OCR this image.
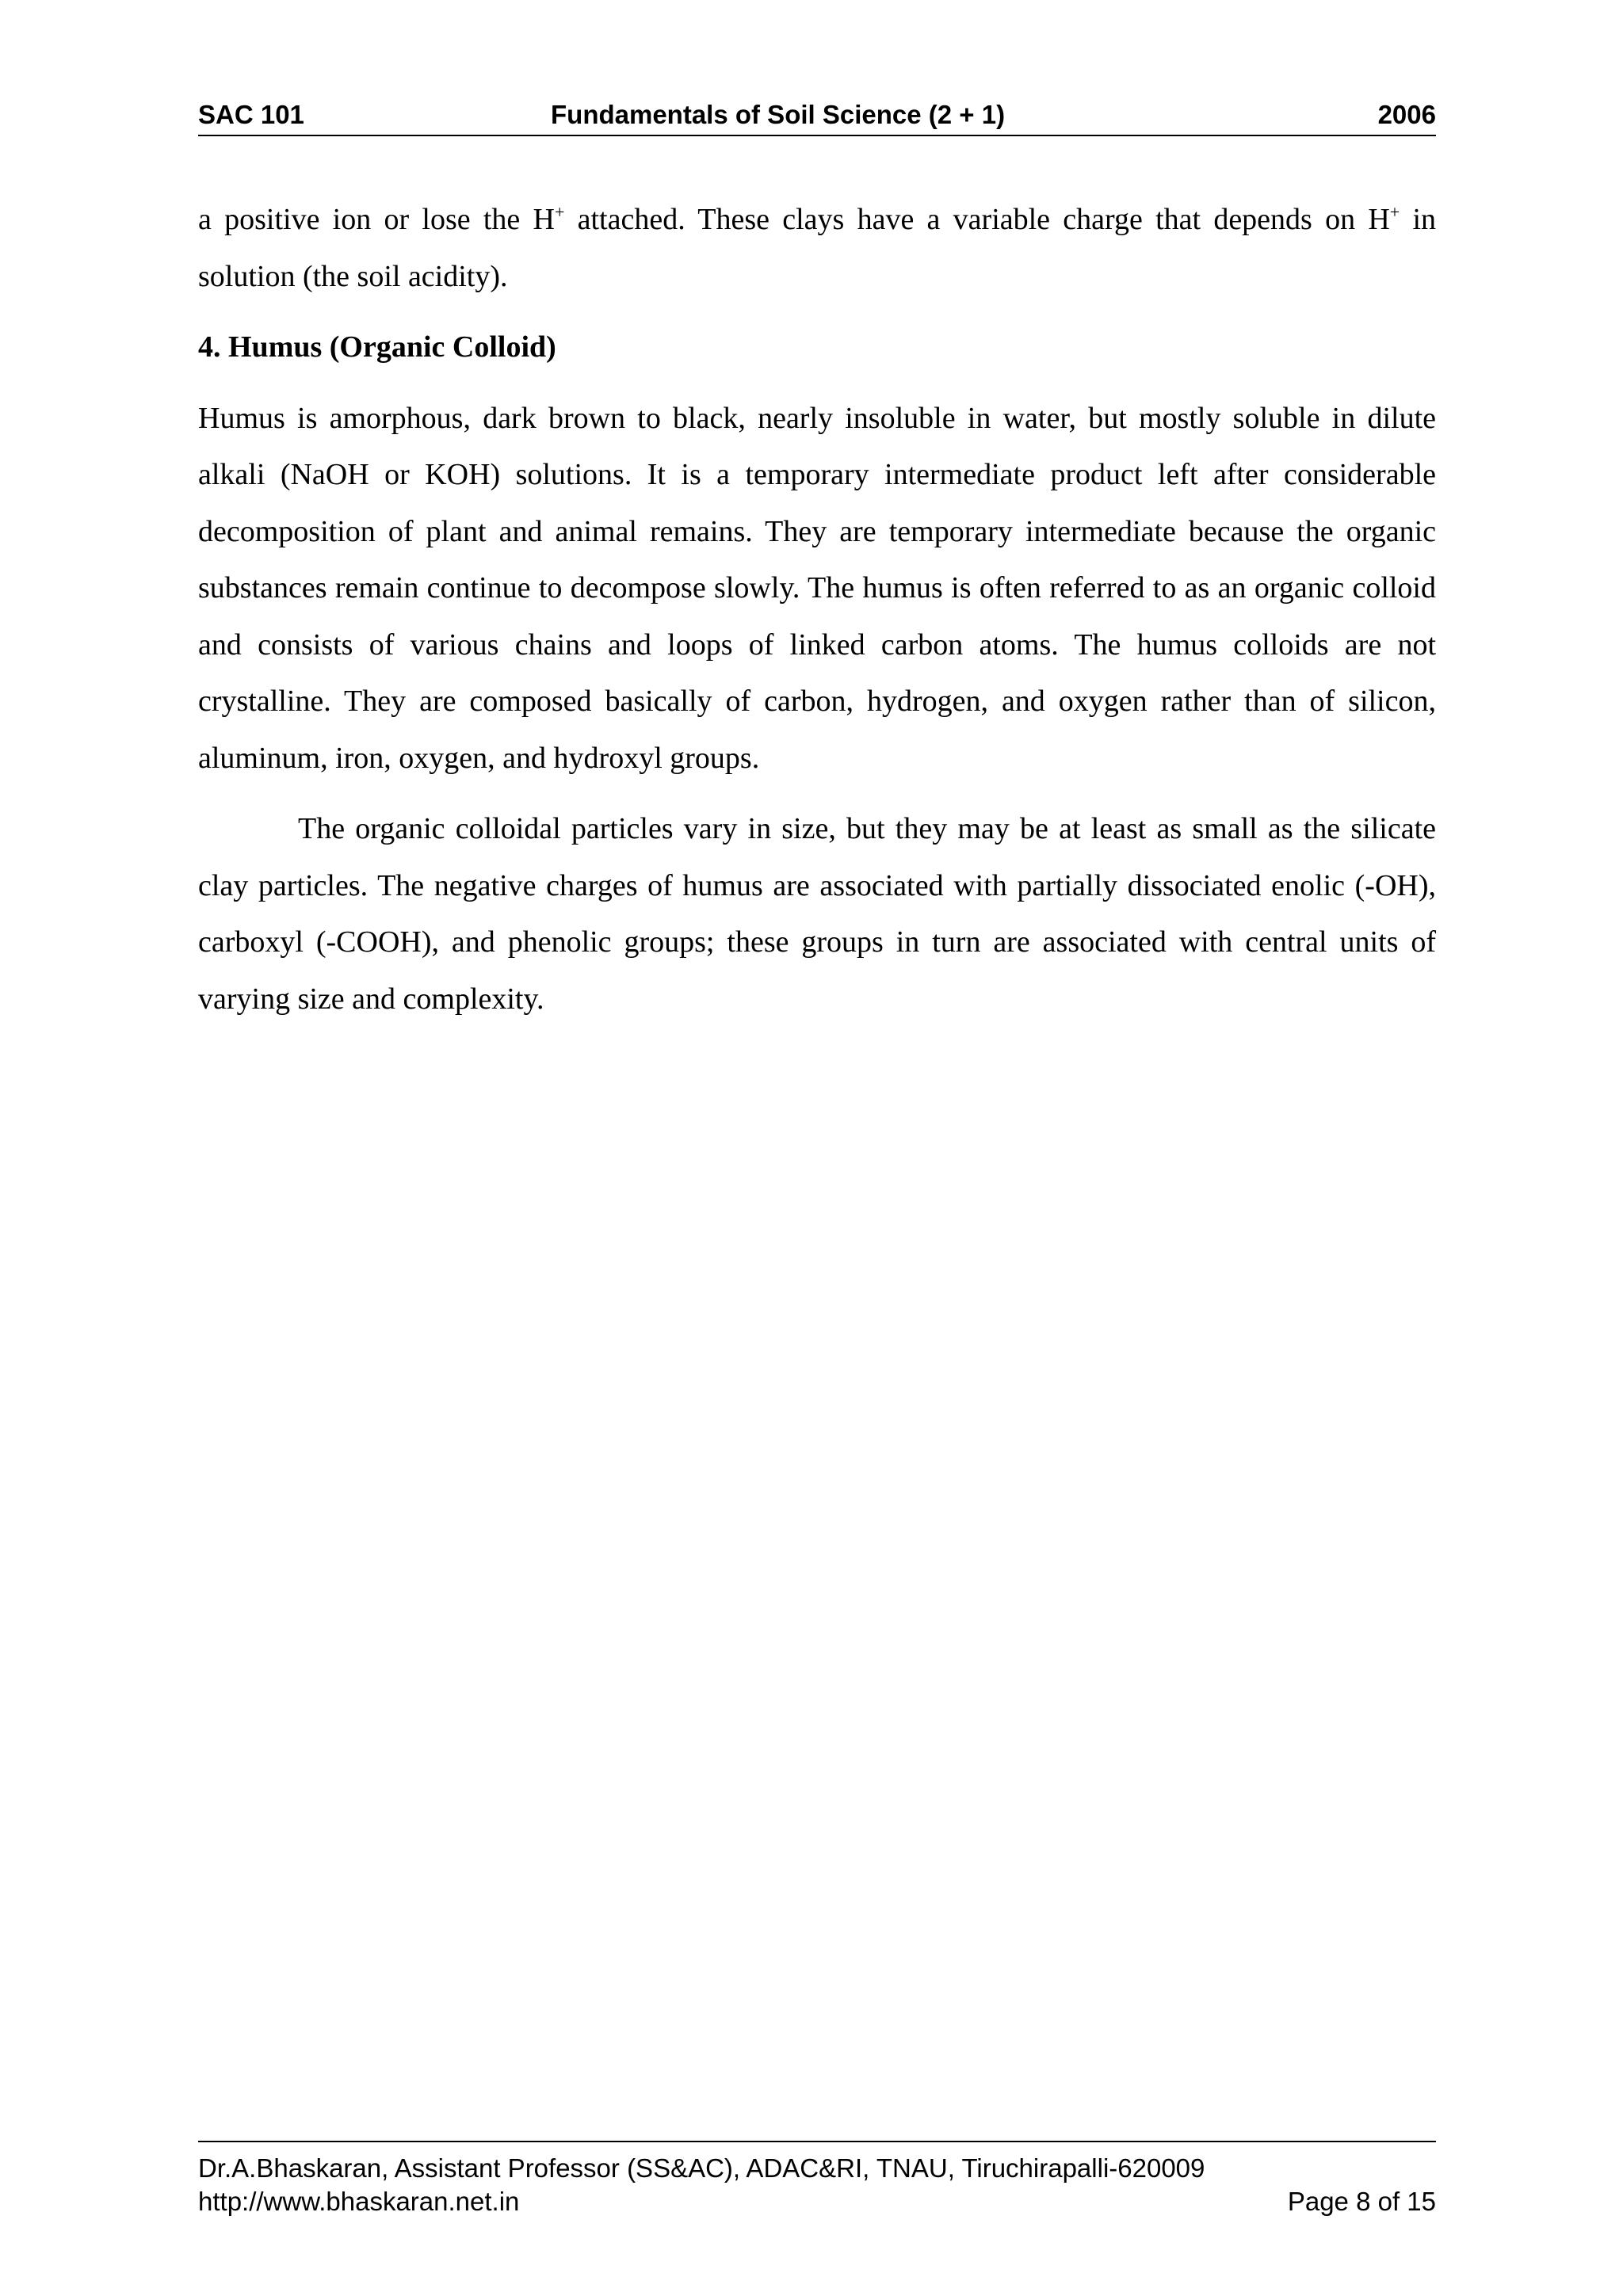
SAC 101	Fundamentals of Soil Science (2 + 1)	2006

a positive ion or lose the H+ attached. These clays have a variable charge that depends on H+ in solution (the soil acidity).

4. Humus (Organic Colloid)

Humus is amorphous, dark brown to black, nearly insoluble in water, but mostly soluble in dilute alkali (NaOH or KOH) solutions. It is a temporary intermediate product left after considerable decomposition of plant and animal remains. They are temporary intermediate because the organic substances remain continue to decompose slowly. The humus is often referred to as an organic colloid and consists of various chains and loops of linked carbon atoms. The humus colloids are not crystalline. They are composed basically of carbon, hydrogen, and oxygen rather than of silicon, aluminum, iron, oxygen, and hydroxyl groups.

The organic colloidal particles vary in size, but they may be at least as small as the silicate clay particles. The negative charges of humus are associated with partially dissociated enolic (-OH), carboxyl (-COOH), and phenolic groups; these groups in turn are associated with central units of varying size and complexity.

Dr.A.Bhaskaran, Assistant Professor (SS&AC), ADAC&RI, TNAU, Tiruchirapalli-620009
http://www.bhaskaran.net.in	Page 8 of 15
